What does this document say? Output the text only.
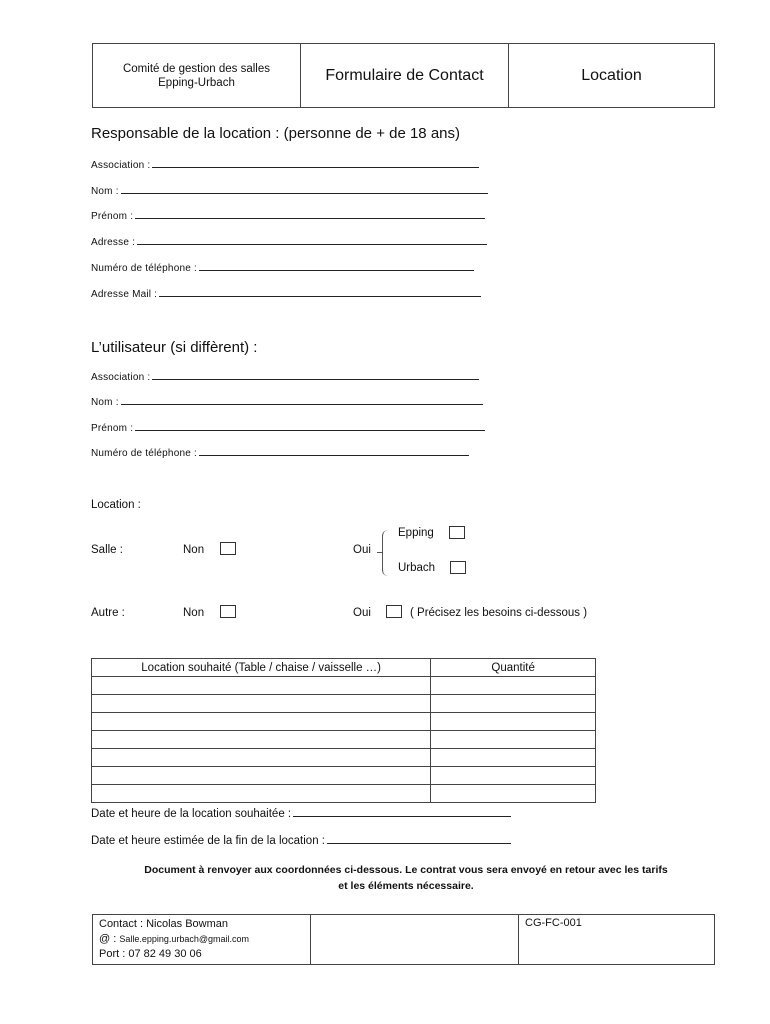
Comité de gestion des salles
Epping-Urbach	Formulaire de Contact	Location
Responsable de la location : (personne de + de 18 ans)
Association :
Nom :
Prénom :
Adresse :
Numéro de téléphone :
Adresse Mail :
L’utilisateur (si diffèrent) :
Association :
Nom :
Prénom :
Numéro de téléphone :
Location :
Salle :	Non	Oui
Epping
Urbach
Autre :	Non	Oui	( Précisez les besoins ci-dessous )
Location souhaité (Table / chaise / vaisselle …)	Quantité

Date et heure de la location souhaitée :
Date et heure estimée de la fin de la location :
Document à renvoyer aux coordonnées ci-dessous. Le contrat vous sera envoyé en retour avec les tarifs
et les éléments nécessaire.
Contact : Nicolas Bowman
@ : Salle.epping.urbach@gmail.com
Port : 07 82 49 30 06
		CG-FC-001
